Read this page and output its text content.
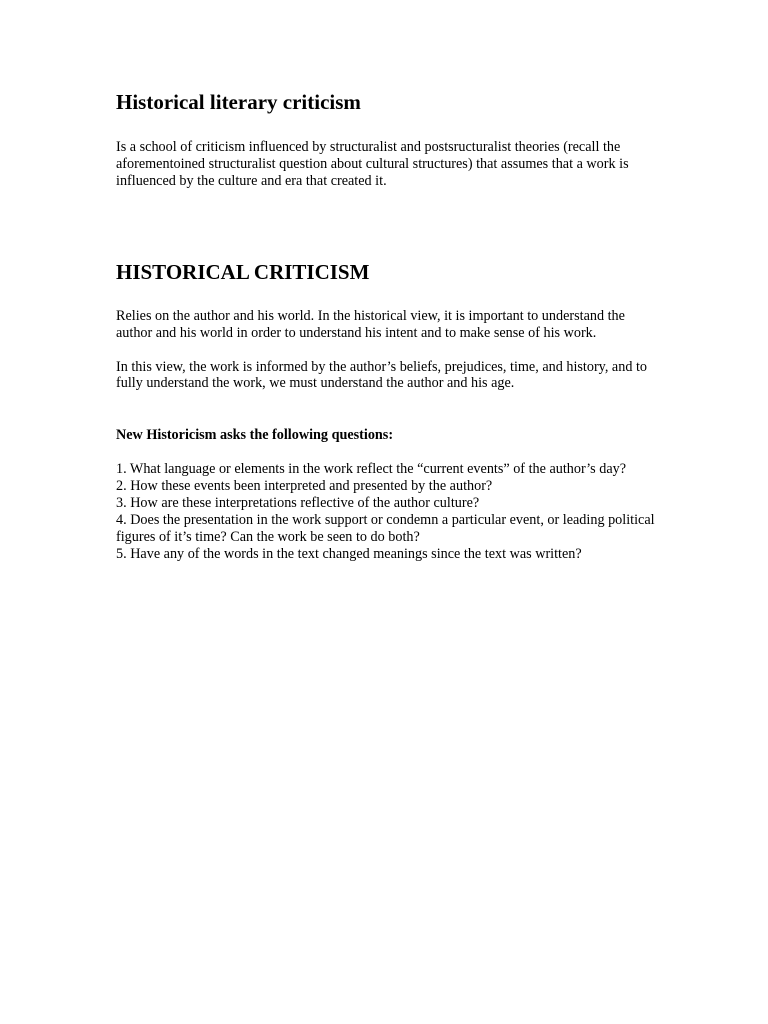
Historical literary criticism

Is a school of criticism influenced by structuralist and postsructuralist theories (recall the aforementoined structuralist question about cultural structures) that assumes that a work is influenced by the culture and era that created it.

HISTORICAL CRITICISM

Relies on the author and his world. In the historical view, it is important to understand the author and his world in order to understand his intent and to make sense of his work.

In this view, the work is informed by the author’s beliefs, prejudices, time, and history, and to fully understand the work, we must understand the author and his age.

New Historicism asks the following questions:

1. What language or elements in the work reflect the “current events” of the author’s day?

2. How these events been interpreted and presented by the author?

3. How are these interpretations reflective of the author culture?

4. Does the presentation in the work support or condemn a particular event, or leading political figures of it’s time? Can the work be seen to do both?

5. Have any of the words in the text changed meanings since the text was written?
